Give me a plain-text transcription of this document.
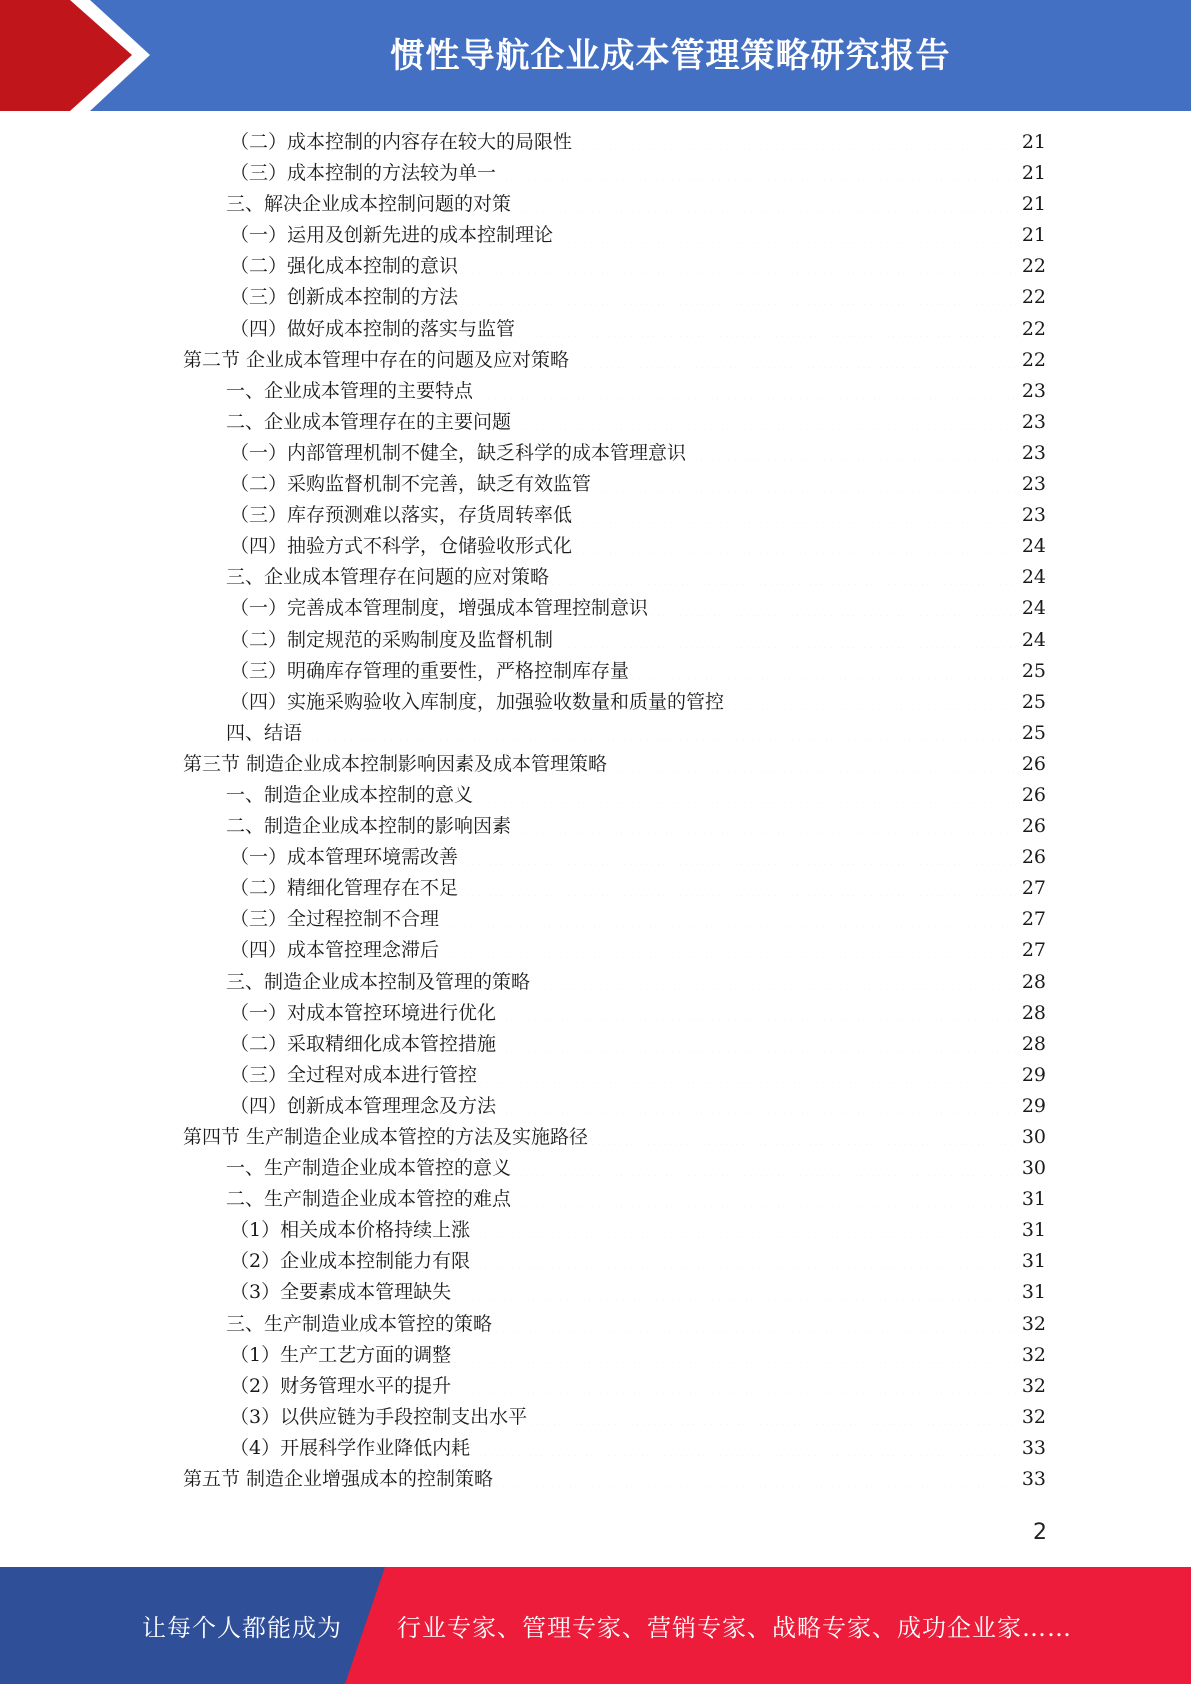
惯性导航企业成本管理策略研究报告
（二）成本控制的内容存在较大的局限性 .....	21
（三）成本控制的方法较为单一 .....	21
三、解决企业成本控制问题的对策 .....	21
（一）运用及创新先进的成本控制理论 .....	21
（二）强化成本控制的意识 .....	22
（三）创新成本控制的方法 .....	22
（四）做好成本控制的落实与监管 .....	22
第二节 企业成本管理中存在的问题及应对策略 .....	22
一、企业成本管理的主要特点 .....	23
二、企业成本管理存在的主要问题 .....	23
（一）内部管理机制不健全，缺乏科学的成本管理意识 .....	23
（二）采购监督机制不完善，缺乏有效监管 .....	23
（三）库存预测难以落实，存货周转率低 .....	23
（四）抽验方式不科学，仓储验收形式化 .....	24
三、企业成本管理存在问题的应对策略 .....	24
（一）完善成本管理制度，增强成本管理控制意识 .....	24
（二）制定规范的采购制度及监督机制 .....	24
（三）明确库存管理的重要性，严格控制库存量 .....	25
（四）实施采购验收入库制度，加强验收数量和质量的管控 .....	25
四、结语 .....	25
第三节 制造企业成本控制影响因素及成本管理策略 .....	26
一、制造企业成本控制的意义 .....	26
二、制造企业成本控制的影响因素 .....	26
（一）成本管理环境需改善 .....	26
（二）精细化管理存在不足 .....	27
（三）全过程控制不合理 .....	27
（四）成本管控理念滞后 .....	27
三、制造企业成本控制及管理的策略 .....	28
（一）对成本管控环境进行优化 .....	28
（二）采取精细化成本管控措施 .....	28
（三）全过程对成本进行管控 .....	29
（四）创新成本管理理念及方法 .....	29
第四节 生产制造企业成本管控的方法及实施路径 .....	30
一、生产制造企业成本管控的意义 .....	30
二、生产制造企业成本管控的难点 .....	31
（1）相关成本价格持续上涨 .....	31
（2）企业成本控制能力有限 .....	31
（3）全要素成本管理缺失 .....	31
三、生产制造业成本管控的策略 .....	32
（1）生产工艺方面的调整 .....	32
（2）财务管理水平的提升 .....	32
（3）以供应链为手段控制支出水平 .....	32
（4）开展科学作业降低内耗 .....	33
第五节 制造企业增强成本的控制策略 .....	33
2
让每个人都能成为 行业专家、管理专家、营销专家、战略专家、成功企业家……
